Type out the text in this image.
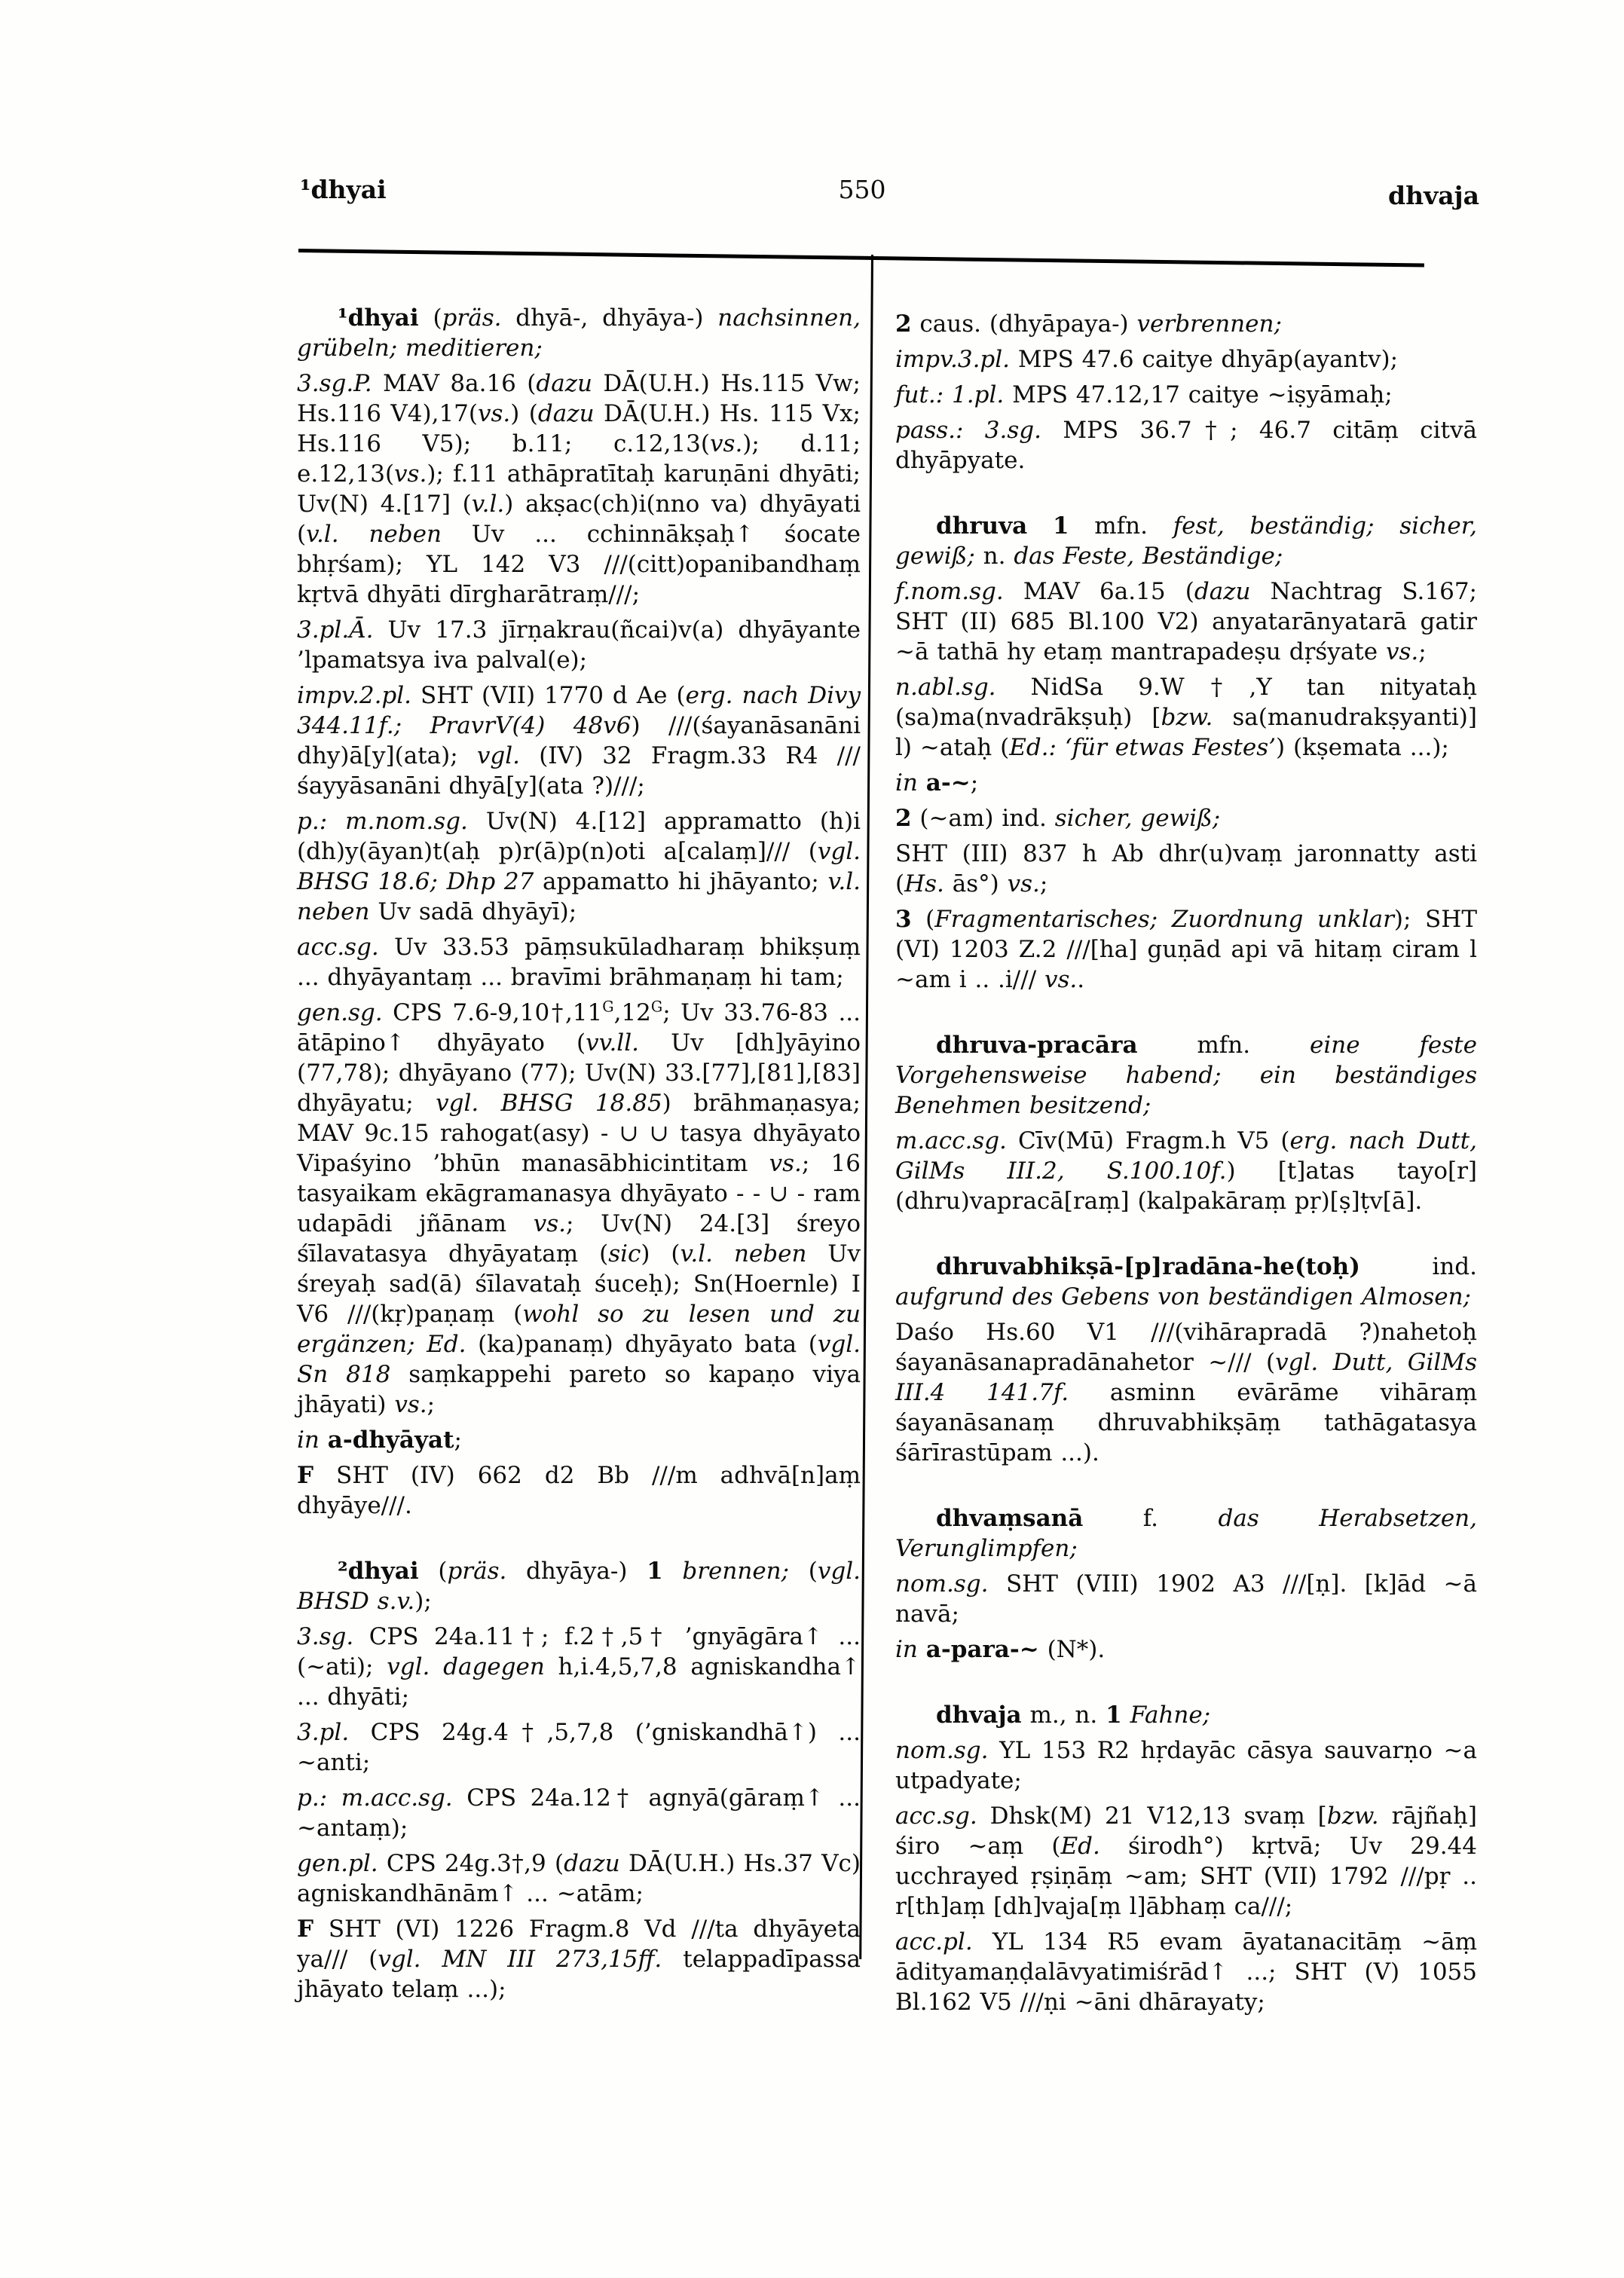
¹dhyai	550	dhvaja

¹dhyai (präs. dhyā-, dhyāya-) nachsinnen, grübeln; meditieren;

3.sg.P. MAV 8a.16 (dazu DĀ(U.H.) Hs.115 Vw; Hs.116 V4),17(vs.) (dazu DĀ(U.H.) Hs. 115 Vx; Hs.116 V5); b.11; c.12,13(vs.); d.11; e.12,13(vs.); f.11 athāpratītaḥ karuṇāni dhyāti; Uv(N) 4.[17] (v.l.) akṣac(ch)i(nno va) dhyāyati (v.l. neben Uv ... cchinnākṣaḥ↑ śocate bhṛśam); YL 142 V3 ///(citt)opanibandhaṃ kṛtvā dhyāti dīrgharātraṃ///;

3.pl.Ā. Uv 17.3 jīrṇakrau(ñcai)v(a) dhyāyante ’lpamatsya iva palval(e);

impv.2.pl. SHT (VII) 1770 d Ae (erg. nach Divy 344.11f.; PravrV(4) 48v6) ///(śayanāsanāni dhy)ā[y](ata); vgl. (IV) 32 Fragm.33 R4 ///śayyāsanāni dhyā[y](ata ?)///;

p.: m.nom.sg. Uv(N) 4.[12] appramatto (h)i (dh)y(āyan)t(aḥ p)r(ā)p(n)oti a[calaṃ]/// (vgl. BHSG 18.6; Dhp 27 appamatto hi jhāyanto; v.l. neben Uv sadā dhyāyī);

acc.sg. Uv 33.53 pāṃsukūladharaṃ bhikṣuṃ ... dhyāyantaṃ ... bravīmi brāhmaṇaṃ hi tam;

gen.sg. CPS $7.6-9,10\dagger,11^G,12^G$; Uv 33.76-83 ... ātāpino↑ dhyāyato (vv.ll. Uv [dh]yāyino (77,78); dhyāyano (77); Uv(N) 33.[77],[81],[83] dhyāyatu; vgl. BHSG 18.85) brāhmaṇasya; MAV 9c.15 rahogat(asy) - ∪ ∪ tasya dhyāyato Vipaśyino ’bhūn manasābhicintitam vs.; 16 tasyaikam ekāgramanasya dhyāyato - - ∪ - ram udapādi jñānam vs.; Uv(N) 24.[3] śreyo śīlavatasya dhyāyataṃ (sic) (v.l. neben Uv śreyaḥ sad(ā) śīlavataḥ śuceḥ); Sn(Hoernle) I V6 ///(kṛ)paṇaṃ (wohl so zu lesen und zu ergänzen; Ed. (ka)panaṃ) dhyāyato bata (vgl. Sn 818 saṃkappehi pareto so kapaṇo viya jhāyati) vs.;

in a-dhyāyat;

F SHT (IV) 662 d2 Bb ///m adhvā[n]aṃ dhyāye///.

²dhyai (präs. dhyāya-) 1 brennen; (vgl. BHSD s.v.);

3.sg. CPS 24a.11†; f.2†,5† ’gnyāgāra↑ ... (~ati); vgl. dagegen h,i.4,5,7,8 agniskandha↑ ... dhyāti;

3.pl. CPS 24g.4†,5,7,8 (’gniskandhā↑) ... ~anti;

p.: m.acc.sg. CPS 24a.12† agnyā(gāraṃ↑ ... ~antaṃ);

gen.pl. CPS 24g.3†,9 (dazu DĀ(U.H.) Hs.37 Vc) agniskandhānām↑ ... ~atām;

F SHT (VI) 1226 Fragm.8 Vd ///ta dhyāyeta ya/// (vgl. MN III 273,15ff. telappadīpassa jhāyato telaṃ ...);

2 caus. (dhyāpaya-) verbrennen;

impv.3.pl. MPS 47.6 caitye dhyāp(ayantv);

fut.: 1.pl. MPS 47.12,17 caitye ~iṣyāmaḥ;

pass.: 3.sg. MPS 36.7†; 46.7 citāṃ citvā dhyāpyate.

dhruva 1 mfn. fest, beständig; sicher, gewiß; n. das Feste, Beständige;

f.nom.sg. MAV 6a.15 (dazu Nachtrag S.167; SHT (II) 685 Bl.100 V2) anyatarānyatarā gatir ~ā tathā hy etaṃ mantrapadeṣu dṛśyate vs.;

n.abl.sg. NidSa 9.W†,Y tan nityataḥ (sa)ma(nvadrākṣuḥ) [bzw. sa(manudrakṣyanti)] l) ~ataḥ (Ed.: ‘für etwas Festes’) (kṣemata ...);

in a-~;

2 (~am) ind. sicher, gewiß;

SHT (III) 837 h Ab dhr(u)vaṃ jaronnatty asti (Hs. ās°) vs.;

3 (Fragmentarisches; Zuordnung unklar); SHT (VI) 1203 Z.2 ///[ha] guṇād api vā hitaṃ ciram l ~am i .. .i/// vs..

dhruva-pracāra mfn. eine feste Vorgehensweise habend; ein beständiges Benehmen besitzend;

m.acc.sg. Cīv(Mū) Fragm.h V5 (erg. nach Dutt, GilMs III.2, S.100.10f.) [t]atas tayo[r] (dhru)vapracā[raṃ] (kalpakāraṃ pṛ)[ṣ]ṭv[ā].

dhruvabhikṣā-[p]radāna-he(toḥ) ind. aufgrund des Gebens von beständigen Almosen;

Daśo Hs.60 V1 ///(vihārapradā ?)nahetoḥ śayanāsanapradānahetor ~/// (vgl. Dutt, GilMs III.4 141.7f. asminn evārāme vihāraṃ śayanāsanaṃ dhruvabhikṣāṃ tathāgatasya śārīrastūpam ...).

dhvaṃsanā f. das Herabsetzen, Verunglimpfen;

nom.sg. SHT (VIII) 1902 A3 ///[ṇ]. [k]ād ~ā navā;

in a-para-~ (N*).

dhvaja m., n. 1 Fahne;

nom.sg. YL 153 R2 hṛdayāc cāsya sauvarṇo ~a utpadyate;

acc.sg. Dhsk(M) 21 V12,13 svaṃ [bzw. rājñaḥ] śiro ~aṃ (Ed. śirodh°) kṛtvā; Uv 29.44 ucchrayed ṛṣiṇāṃ ~am; SHT (VII) 1792 ///pṛ .. r[th]aṃ [dh]vaja[ṃ l]ābhaṃ ca///;

acc.pl. YL 134 R5 evam āyatanacitāṃ ~āṃ ādityamaṇḍalāvyatimiśrād↑ ...; SHT (V) 1055 Bl.162 V5 ///ṇi ~āni dhārayaty;
